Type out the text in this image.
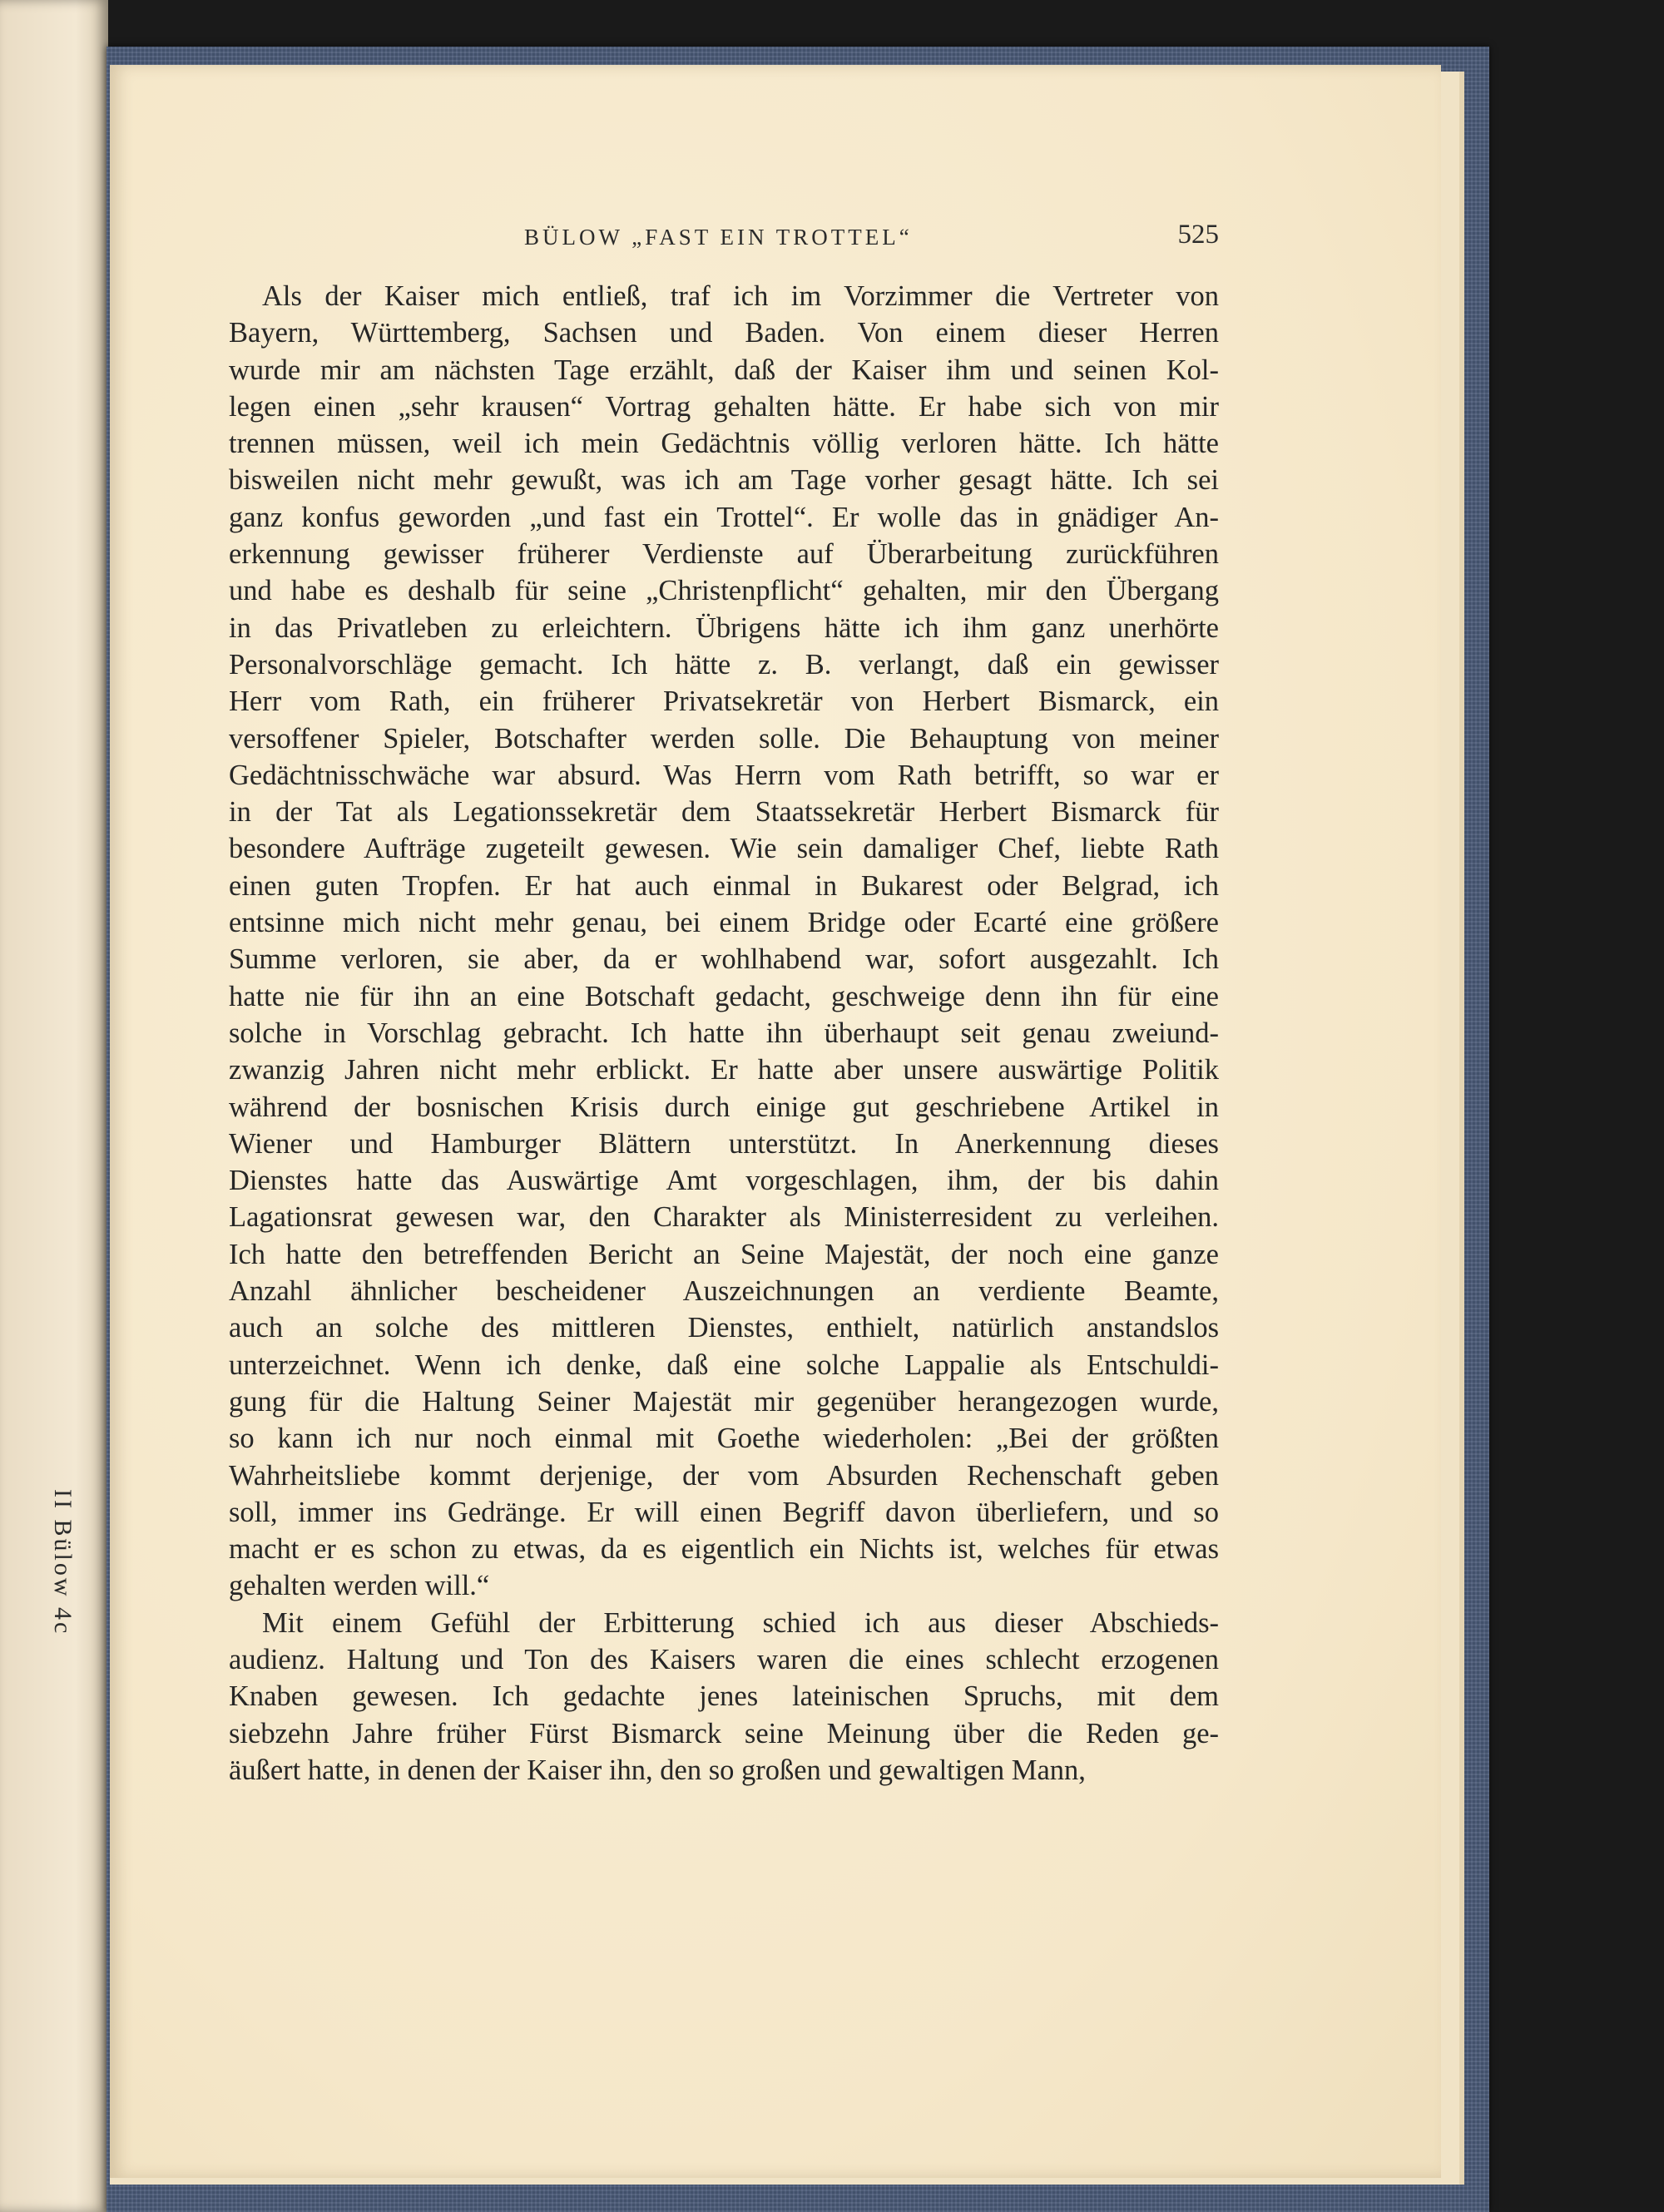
II Bülow 4c
BÜLOW „FAST EIN TROTTEL“	525

Als der Kaiser mich entließ, traf ich im Vorzimmer die Vertreter von
Bayern, Württemberg, Sachsen und Baden. Von einem dieser Herren
wurde mir am nächsten Tage erzählt, daß der Kaiser ihm und seinen Kol-
legen einen „sehr krausen“ Vortrag gehalten hätte. Er habe sich von mir
trennen müssen, weil ich mein Gedächtnis völlig verloren hätte. Ich hätte
bisweilen nicht mehr gewußt, was ich am Tage vorher gesagt hätte. Ich sei
ganz konfus geworden „und fast ein Trottel“. Er wolle das in gnädiger An-
erkennung gewisser früherer Verdienste auf Überarbeitung zurückführen
und habe es deshalb für seine „Christenpflicht“ gehalten, mir den Übergang
in das Privatleben zu erleichtern. Übrigens hätte ich ihm ganz unerhörte
Personalvorschläge gemacht. Ich hätte z. B. verlangt, daß ein gewisser
Herr vom Rath, ein früherer Privatsekretär von Herbert Bismarck, ein
versoffener Spieler, Botschafter werden solle. Die Behauptung von meiner
Gedächtnisschwäche war absurd. Was Herrn vom Rath betrifft, so war er
in der Tat als Legationssekretär dem Staatssekretär Herbert Bismarck für
besondere Aufträge zugeteilt gewesen. Wie sein damaliger Chef, liebte Rath
einen guten Tropfen. Er hat auch einmal in Bukarest oder Belgrad, ich
entsinne mich nicht mehr genau, bei einem Bridge oder Ecarté eine größere
Summe verloren, sie aber, da er wohlhabend war, sofort ausgezahlt. Ich
hatte nie für ihn an eine Botschaft gedacht, geschweige denn ihn für eine
solche in Vorschlag gebracht. Ich hatte ihn überhaupt seit genau zweiund-
zwanzig Jahren nicht mehr erblickt. Er hatte aber unsere auswärtige Politik
während der bosnischen Krisis durch einige gut geschriebene Artikel in
Wiener und Hamburger Blättern unterstützt. In Anerkennung dieses
Dienstes hatte das Auswärtige Amt vorgeschlagen, ihm, der bis dahin
Lagationsrat gewesen war, den Charakter als Ministerresident zu verleihen.
Ich hatte den betreffenden Bericht an Seine Majestät, der noch eine ganze
Anzahl ähnlicher bescheidener Auszeichnungen an verdiente Beamte,
auch an solche des mittleren Dienstes, enthielt, natürlich anstandslos
unterzeichnet. Wenn ich denke, daß eine solche Lappalie als Entschuldi-
gung für die Haltung Seiner Majestät mir gegenüber herangezogen wurde,
so kann ich nur noch einmal mit Goethe wiederholen: „Bei der größten
Wahrheitsliebe kommt derjenige, der vom Absurden Rechenschaft geben
soll, immer ins Gedränge. Er will einen Begriff davon überliefern, und so
macht er es schon zu etwas, da es eigentlich ein Nichts ist, welches für etwas
gehalten werden will.“

Mit einem Gefühl der Erbitterung schied ich aus dieser Abschieds-
audienz. Haltung und Ton des Kaisers waren die eines schlecht erzogenen
Knaben gewesen. Ich gedachte jenes lateinischen Spruchs, mit dem
siebzehn Jahre früher Fürst Bismarck seine Meinung über die Reden ge-
äußert hatte, in denen der Kaiser ihn, den so großen und gewaltigen Mann,
